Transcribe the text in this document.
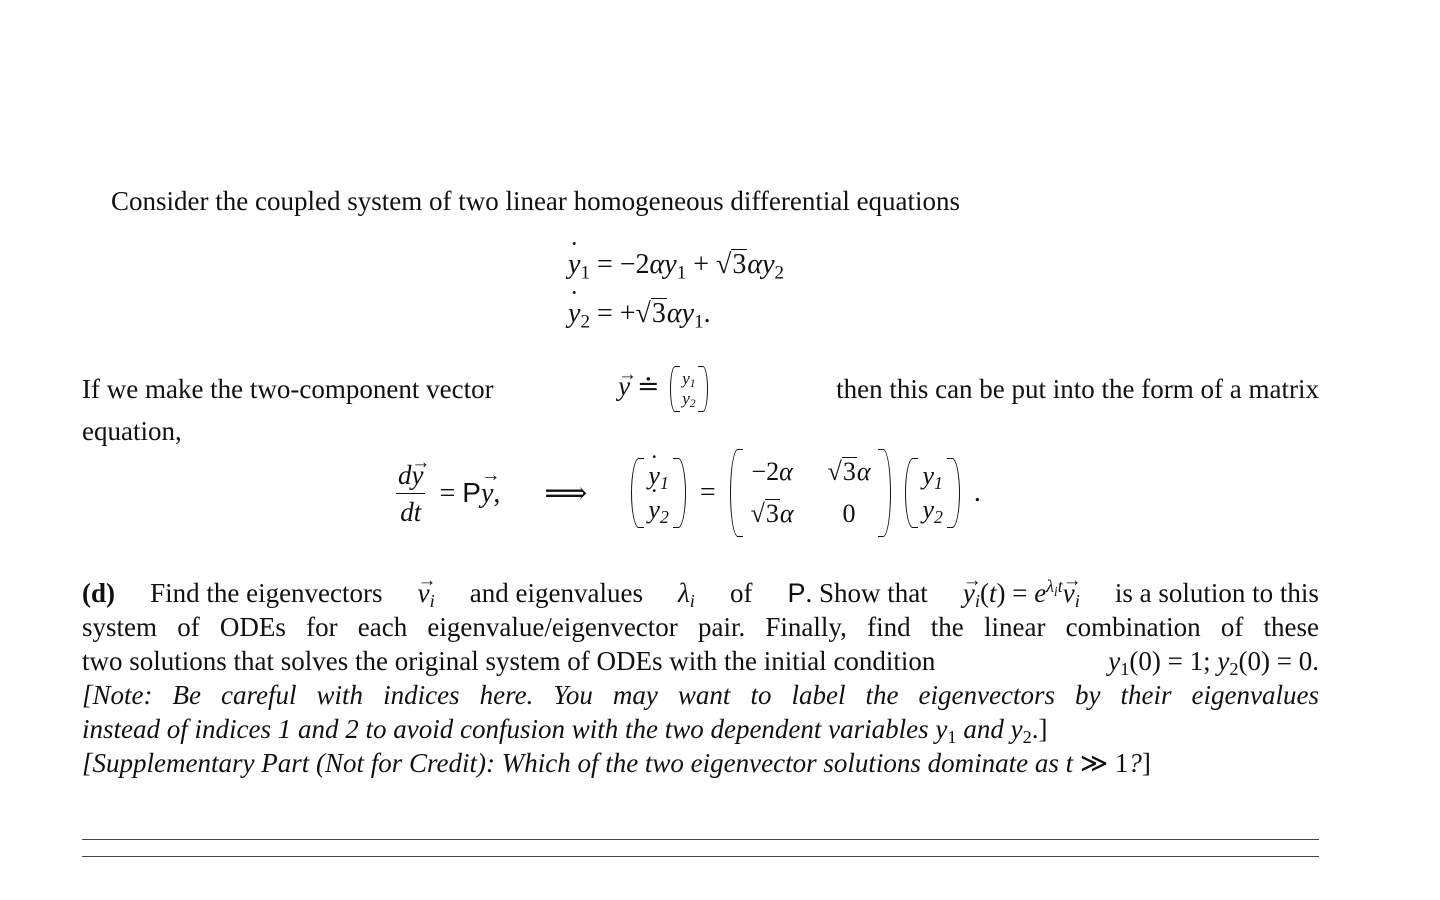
Consider the coupled system of two linear homogeneous differential equations
˙ $y_1 = -2\alpha y_1 + √3\alpha y_2$
˙ $y_2 = +√3\alpha y_1$.
If we make the two-component vector	→ y ≐ $y_1$
$y_2$	then this can be put into the form of a matrix
equation,
$\frac{d\to y}{dt} = P\to y$, ⟹
˙ $y_1$
˙ $y_2$
=
−2α √3α
√3α	0
$y_1$
$y_2$
.
(d) Find the eigenvectors → $v_i$ and eigenvalues $\lambda_i$ of P. Show that → $y_i(t) = e^{\lambda_it}\to v_i$ is a solution to this
system of ODEs for each eigenvalue/eigenvector pair. Finally, find the linear combination of these
two solutions that solves the original system of ODEs with the initial condition	$y_1(0) = 1$; $y_2(0) = 0$.
[Note: Be careful with indices here. You may want to label the eigenvectors by their eigenvalues
instead of indices 1 and 2 to avoid confusion with the two dependent variables $y_1$ and $y_2$.]
[Supplementary Part (Not for Credit): Which of the two eigenvector solutions dominate as t ≫ 1?]
